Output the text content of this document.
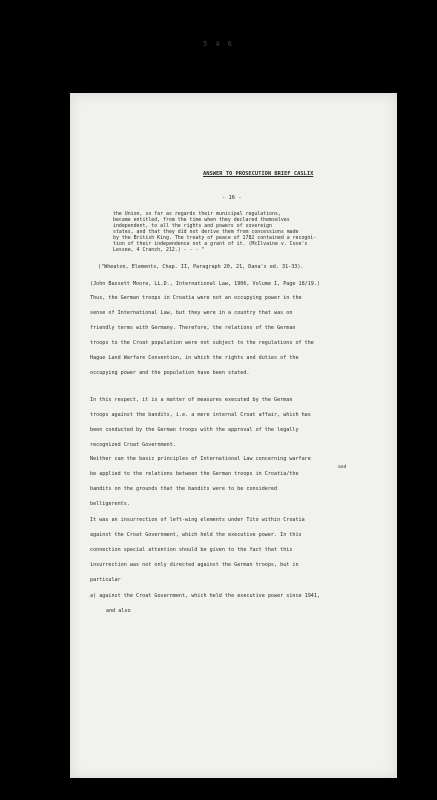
5 4 6
ANSWER TO PROSECUTION BRIEF CASLIX
- 16 -
the Union, so far as regards their municipal regulations,
became entitled, from the time when they declared themselves
independent, to all the rights and powers of sovereign
states, and that they did not derive them from concessions made
by the British King. The treaty of peace of 1782 contained a recogni-
tion of their independence not a grant of it. (McIlvaine v. Coxe's
Lessee, 4 Cranch, 212.) - - - "
("Wheaton, Elements, Chap. II, Paragraph 20, 21, Dana's ed. 31-33).
(John Bassett Moore, LL.D., International Law, 1906, Volume I, Page 18/19.)
Thus, the German troops in Croatia were not an occupying power in the
sense of International Law, but they were in a country that was on
friendly terms with Germany. Therefore, the relations of the German
troops to the Croat population were not subject to the regulations of the
Hague Land Warfare Convention, in which the rights and duties of the
occupying power and the population have been stated.
In this respect, it is a matter of measures executed by the German
troops against the bandits, i.e. a mere internal Croat affair, which has
been conducted by the German troops with the approval of the legally
recognized Croat Government.
Neither can the basic principles of International Law concerning warfare
and
be applied to the relations between the German troops in Croatia/the
bandits on the grounds that the bandits were to be considered
belligerents.
It was an insurrection of left-wing elements under Tito within Croatia
against the Croat Government, which held the executive power. In this
connection special attention should be given to the fact that this
insurrection was not only directed against the German troops, but in
particular
a) against the Croat Government, which held the executive power since 1941,
and also
